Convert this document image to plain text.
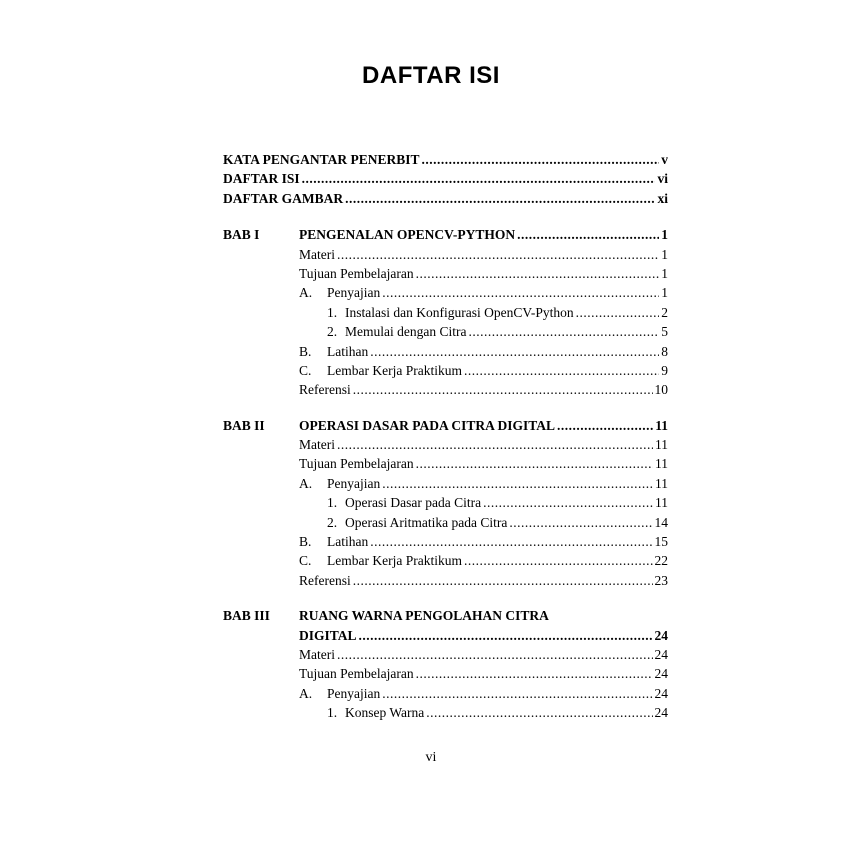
DAFTAR ISI
KATA PENGANTAR PENERBIT .....	v
DAFTAR ISI .....	vi
DAFTAR GAMBAR .....	xi
BAB I	PENGENALAN OPENCV-PYTHON .....	1
Materi .....	1
Tujuan Pembelajaran .....	1
A.	Penyajian .....	1
1. Instalasi dan Konfigurasi OpenCV-Python .....	2
2. Memulai dengan Citra .....	5
B.	Latihan .....	8
C.	Lembar Kerja Praktikum .....	9
Referensi .....	10
BAB II	OPERASI DASAR PADA CITRA DIGITAL .....	11
Materi .....	11
Tujuan Pembelajaran .....	11
A.	Penyajian .....	11
1. Operasi Dasar pada Citra .....	11
2. Operasi Aritmatika pada Citra .....	14
B.	Latihan .....	15
C.	Lembar Kerja Praktikum .....	22
Referensi .....	23
BAB III	RUANG WARNA PENGOLAHAN CITRA
DIGITAL .....	24
Materi .....	24
Tujuan Pembelajaran .....	24
A.	Penyajian .....	24
1. Konsep Warna .....	24
vi
